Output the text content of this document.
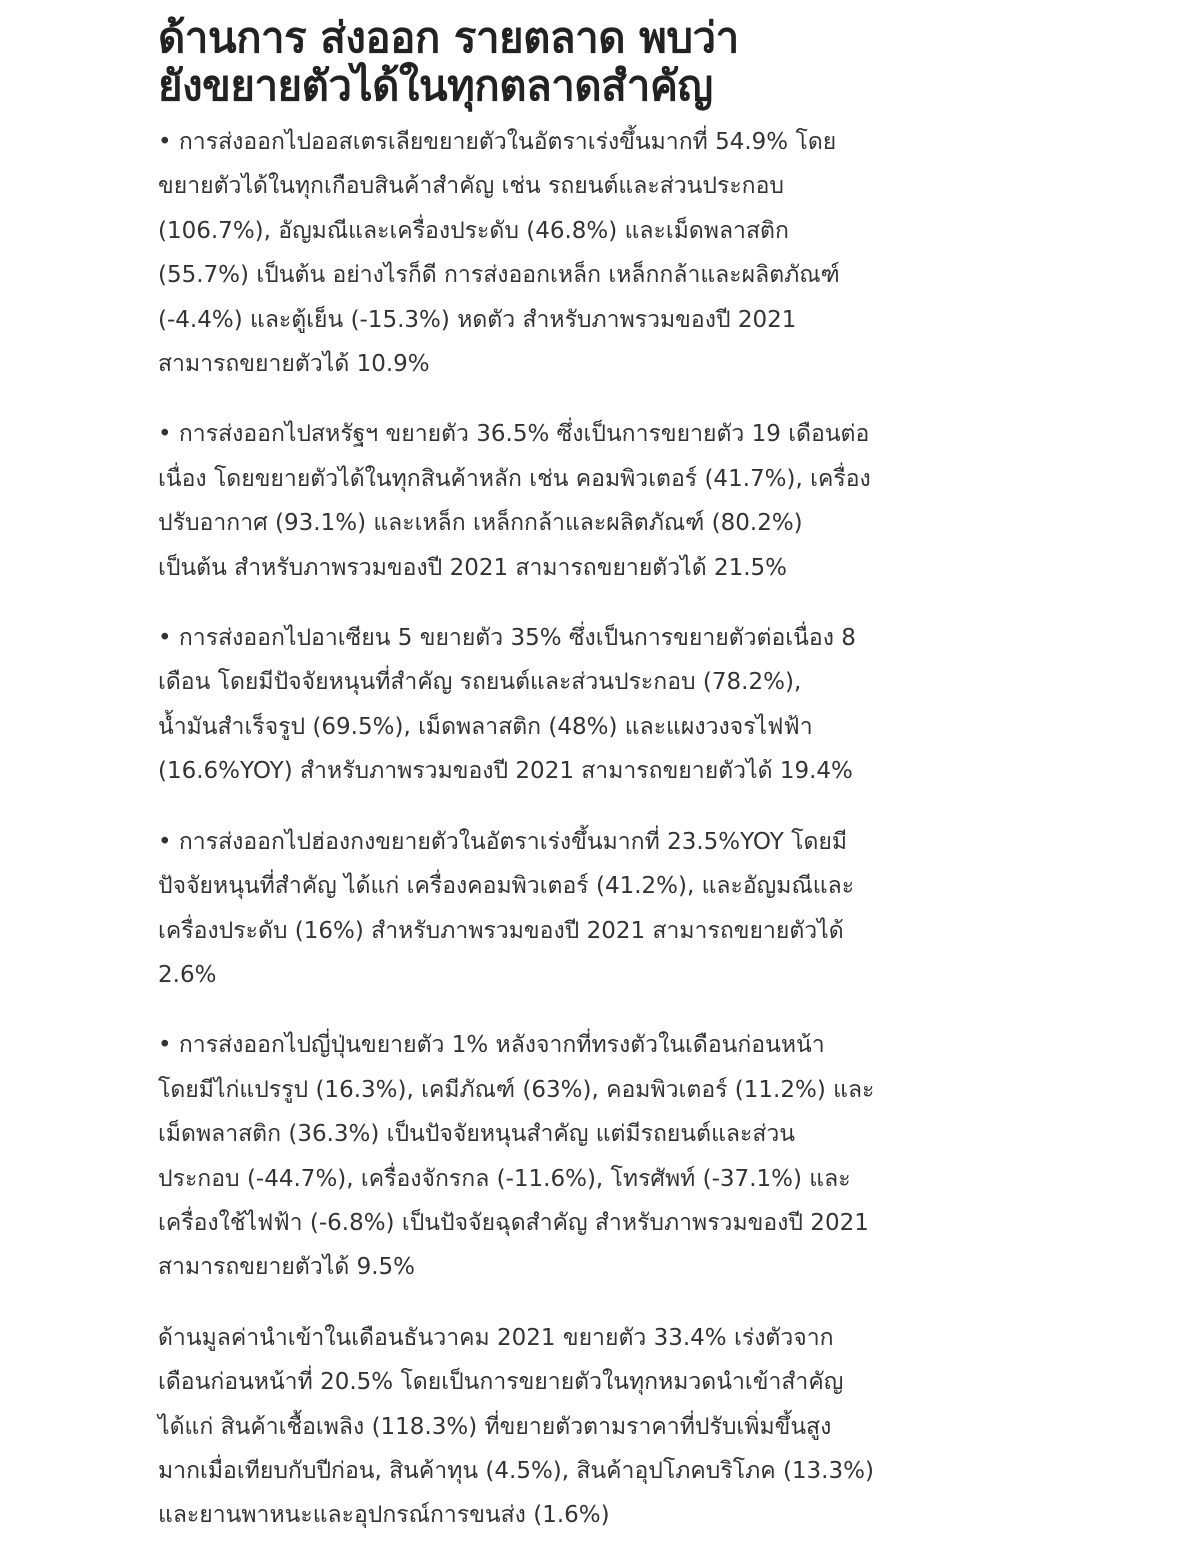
ด้านการ ส่งออก รายตลาด พบว่า
ยังขยายตัวได้ในทุกตลาดสำคัญ

• การส่งออกไปออสเตรเลียขยายตัวในอัตราเร่งขึ้นมากที่ 54.9% โดย
ขยายตัวได้ในทุกเกือบสินค้าสำคัญ เช่น รถยนต์และส่วนประกอบ
(106.7%), อัญมณีและเครื่องประดับ (46.8%) และเม็ดพลาสติก
(55.7%) เป็นต้น อย่างไรก็ดี การส่งออกเหล็ก เหล็กกล้าและผลิตภัณฑ์
(-4.4%) และตู้เย็น (-15.3%) หดตัว สำหรับภาพรวมของปี 2021
สามารถขยายตัวได้ 10.9%

• การส่งออกไปสหรัฐฯ ขยายตัว 36.5% ซึ่งเป็นการขยายตัว 19 เดือนต่อ
เนื่อง โดยขยายตัวได้ในทุกสินค้าหลัก เช่น คอมพิวเตอร์ (41.7%), เครื่อง
ปรับอากาศ (93.1%) และเหล็ก เหล็กกล้าและผลิตภัณฑ์ (80.2%)
เป็นต้น สำหรับภาพรวมของปี 2021 สามารถขยายตัวได้ 21.5%

• การส่งออกไปอาเซียน 5 ขยายตัว 35% ซึ่งเป็นการขยายตัวต่อเนื่อง 8
เดือน โดยมีปัจจัยหนุนที่สำคัญ รถยนต์และส่วนประกอบ (78.2%),
น้ำมันสำเร็จรูป (69.5%), เม็ดพลาสติก (48%) และแผงวงจรไฟฟ้า
(16.6%YOY) สำหรับภาพรวมของปี 2021 สามารถขยายตัวได้ 19.4%

• การส่งออกไปฮ่องกงขยายตัวในอัตราเร่งขึ้นมากที่ 23.5%YOY โดยมี
ปัจจัยหนุนที่สำคัญ ได้แก่ เครื่องคอมพิวเตอร์ (41.2%), และอัญมณีและ
เครื่องประดับ (16%) สำหรับภาพรวมของปี 2021 สามารถขยายตัวได้
2.6%

• การส่งออกไปญี่ปุ่นขยายตัว 1% หลังจากที่ทรงตัวในเดือนก่อนหน้า
โดยมีไก่แปรรูป (16.3%), เคมีภัณฑ์ (63%), คอมพิวเตอร์ (11.2%) และ
เม็ดพลาสติก (36.3%) เป็นปัจจัยหนุนสำคัญ แต่มีรถยนต์และส่วน
ประกอบ (-44.7%), เครื่องจักรกล (-11.6%), โทรศัพท์ (-37.1%) และ
เครื่องใช้ไฟฟ้า (-6.8%) เป็นปัจจัยฉุดสำคัญ สำหรับภาพรวมของปี 2021
สามารถขยายตัวได้ 9.5%

ด้านมูลค่านำเข้าในเดือนธันวาคม 2021 ขยายตัว 33.4% เร่งตัวจาก
เดือนก่อนหน้าที่ 20.5% โดยเป็นการขยายตัวในทุกหมวดนำเข้าสำคัญ
ได้แก่ สินค้าเชื้อเพลิง (118.3%) ที่ขยายตัวตามราคาที่ปรับเพิ่มขึ้นสูง
มากเมื่อเทียบกับปีก่อน, สินค้าทุน (4.5%), สินค้าอุปโภคบริโภค (13.3%)
และยานพาหนะและอุปกรณ์การขนส่ง (1.6%)
